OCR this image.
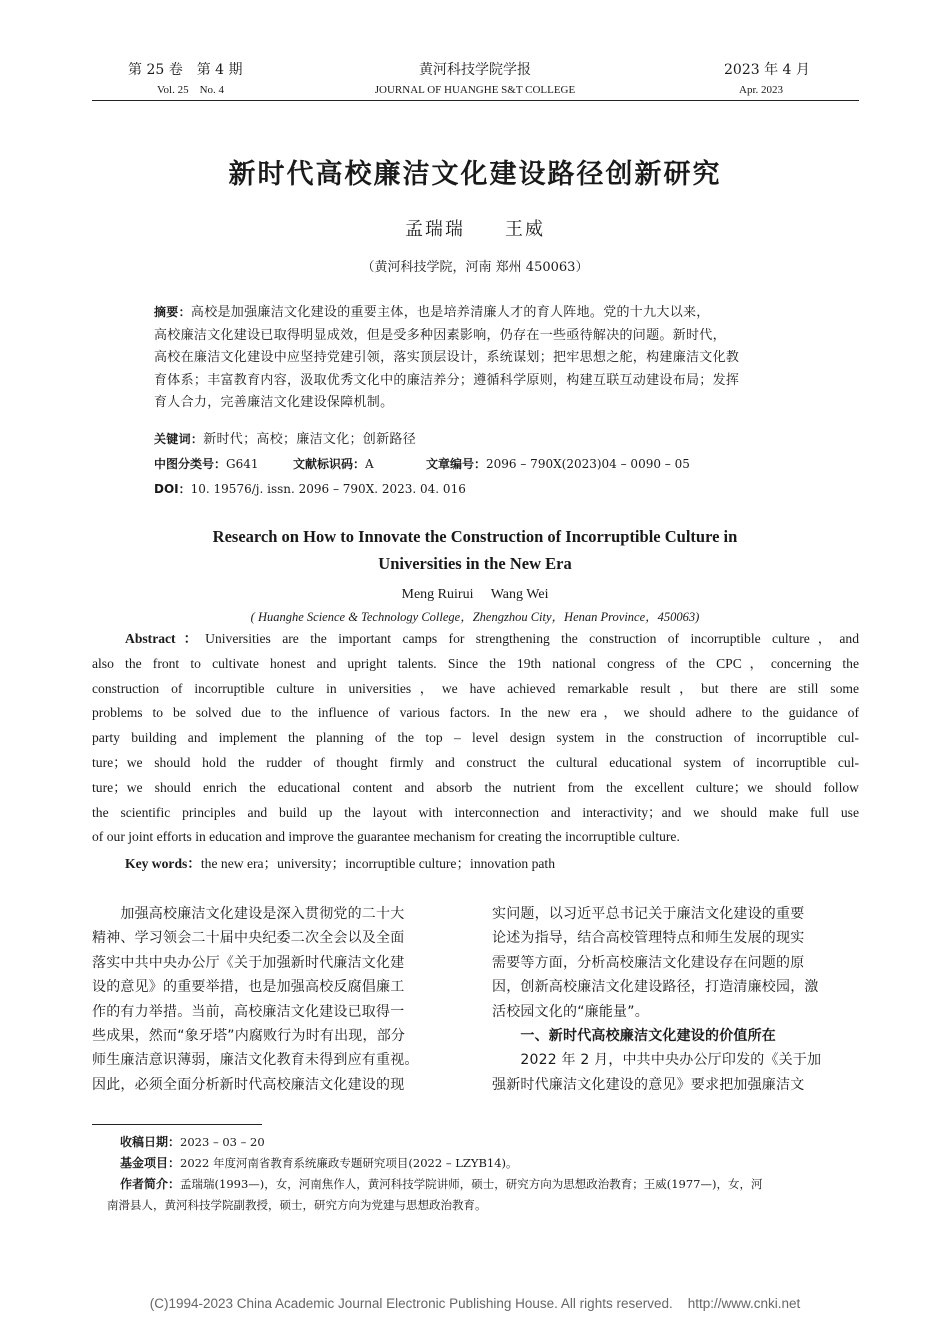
第 25 卷　第 4 期
Vol. 25　No. 4
黄河科技学院学报
JOURNAL OF HUANGHE S&T COLLEGE
2023 年 4 月
Apr. 2023
新时代高校廉洁文化建设路径创新研究
孟瑞瑞　　王威
（黄河科技学院，河南 郑州 450063）
摘要：高校是加强廉洁文化建设的重要主体，也是培养清廉人才的育人阵地。党的十九大以来，
高校廉洁文化建设已取得明显成效，但是受多种因素影响，仍存在一些亟待解决的问题。新时代，
高校在廉洁文化建设中应坚持党建引领，落实顶层设计，系统谋划；把牢思想之舵，构建廉洁文化教
育体系；丰富教育内容，汲取优秀文化中的廉洁养分；遵循科学原则，构建互联互动建设布局；发挥
育人合力，完善廉洁文化建设保障机制。
关键词：新时代；高校；廉洁文化；创新路径
中图分类号：G641	文献标识码：A	文章编号：2096 – 790X(2023)04 – 0090 – 05
DOI：10. 19576/j. issn. 2096 – 790X. 2023. 04. 016
Research on How to Innovate the Construction of Incorruptible Culture in
Universities in the New Era
Meng Ruirui　 Wang Wei
( Huanghe Science & Technology College，Zhengzhou City，Henan Province，450063)
Abstract：Universities are the important camps for strengthening the construction of incorruptible culture，and
also the front to cultivate honest and upright talents. Since the 19th national congress of the CPC，concerning the
construction of incorruptible culture in universities，we have achieved remarkable result，but there are still some
problems to be solved due to the influence of various factors. In the new era，we should adhere to the guidance of
party building and implement the planning of the top – level design system in the construction of incorruptible cul-
ture；we should hold the rudder of thought firmly and construct the cultural educational system of incorruptible cul-
ture；we should enrich the educational content and absorb the nutrient from the excellent culture；we should follow
the scientific principles and build up the layout with interconnection and interactivity；and we should make full use
of our joint efforts in education and improve the guarantee mechanism for creating the incorruptible culture.
Key words：the new era；university；incorruptible culture；innovation path
　　加强高校廉洁文化建设是深入贯彻党的二十大
精神、学习领会二十届中央纪委二次全会以及全面
落实中共中央办公厅《关于加强新时代廉洁文化建
设的意见》的重要举措，也是加强高校反腐倡廉工
作的有力举措。当前，高校廉洁文化建设已取得一
些成果，然而“象牙塔”内腐败行为时有出现，部分
师生廉洁意识薄弱，廉洁文化教育未得到应有重视。
因此，必须全面分析新时代高校廉洁文化建设的现
实问题，以习近平总书记关于廉洁文化建设的重要
论述为指导，结合高校管理特点和师生发展的现实
需要等方面，分析高校廉洁文化建设存在问题的原
因，创新高校廉洁文化建设路径，打造清廉校园，激
活校园文化的“廉能量”。
　　一、新时代高校廉洁文化建设的价值所在
　　2022 年 2 月，中共中央办公厅印发的《关于加
强新时代廉洁文化建设的意见》要求把加强廉洁文
收稿日期：2023 – 03 – 20
基金项目：2022 年度河南省教育系统廉政专题研究项目(2022 – LZYB14)。
作者简介：孟瑞瑞(1993—)，女，河南焦作人，黄河科技学院讲师，硕士，研究方向为思想政治教育；王威(1977—)，女，河
南滑县人，黄河科技学院副教授，硕士，研究方向为党建与思想政治教育。
(C)1994-2023 China Academic Journal Electronic Publishing House. All rights reserved.    http://www.cnki.net
